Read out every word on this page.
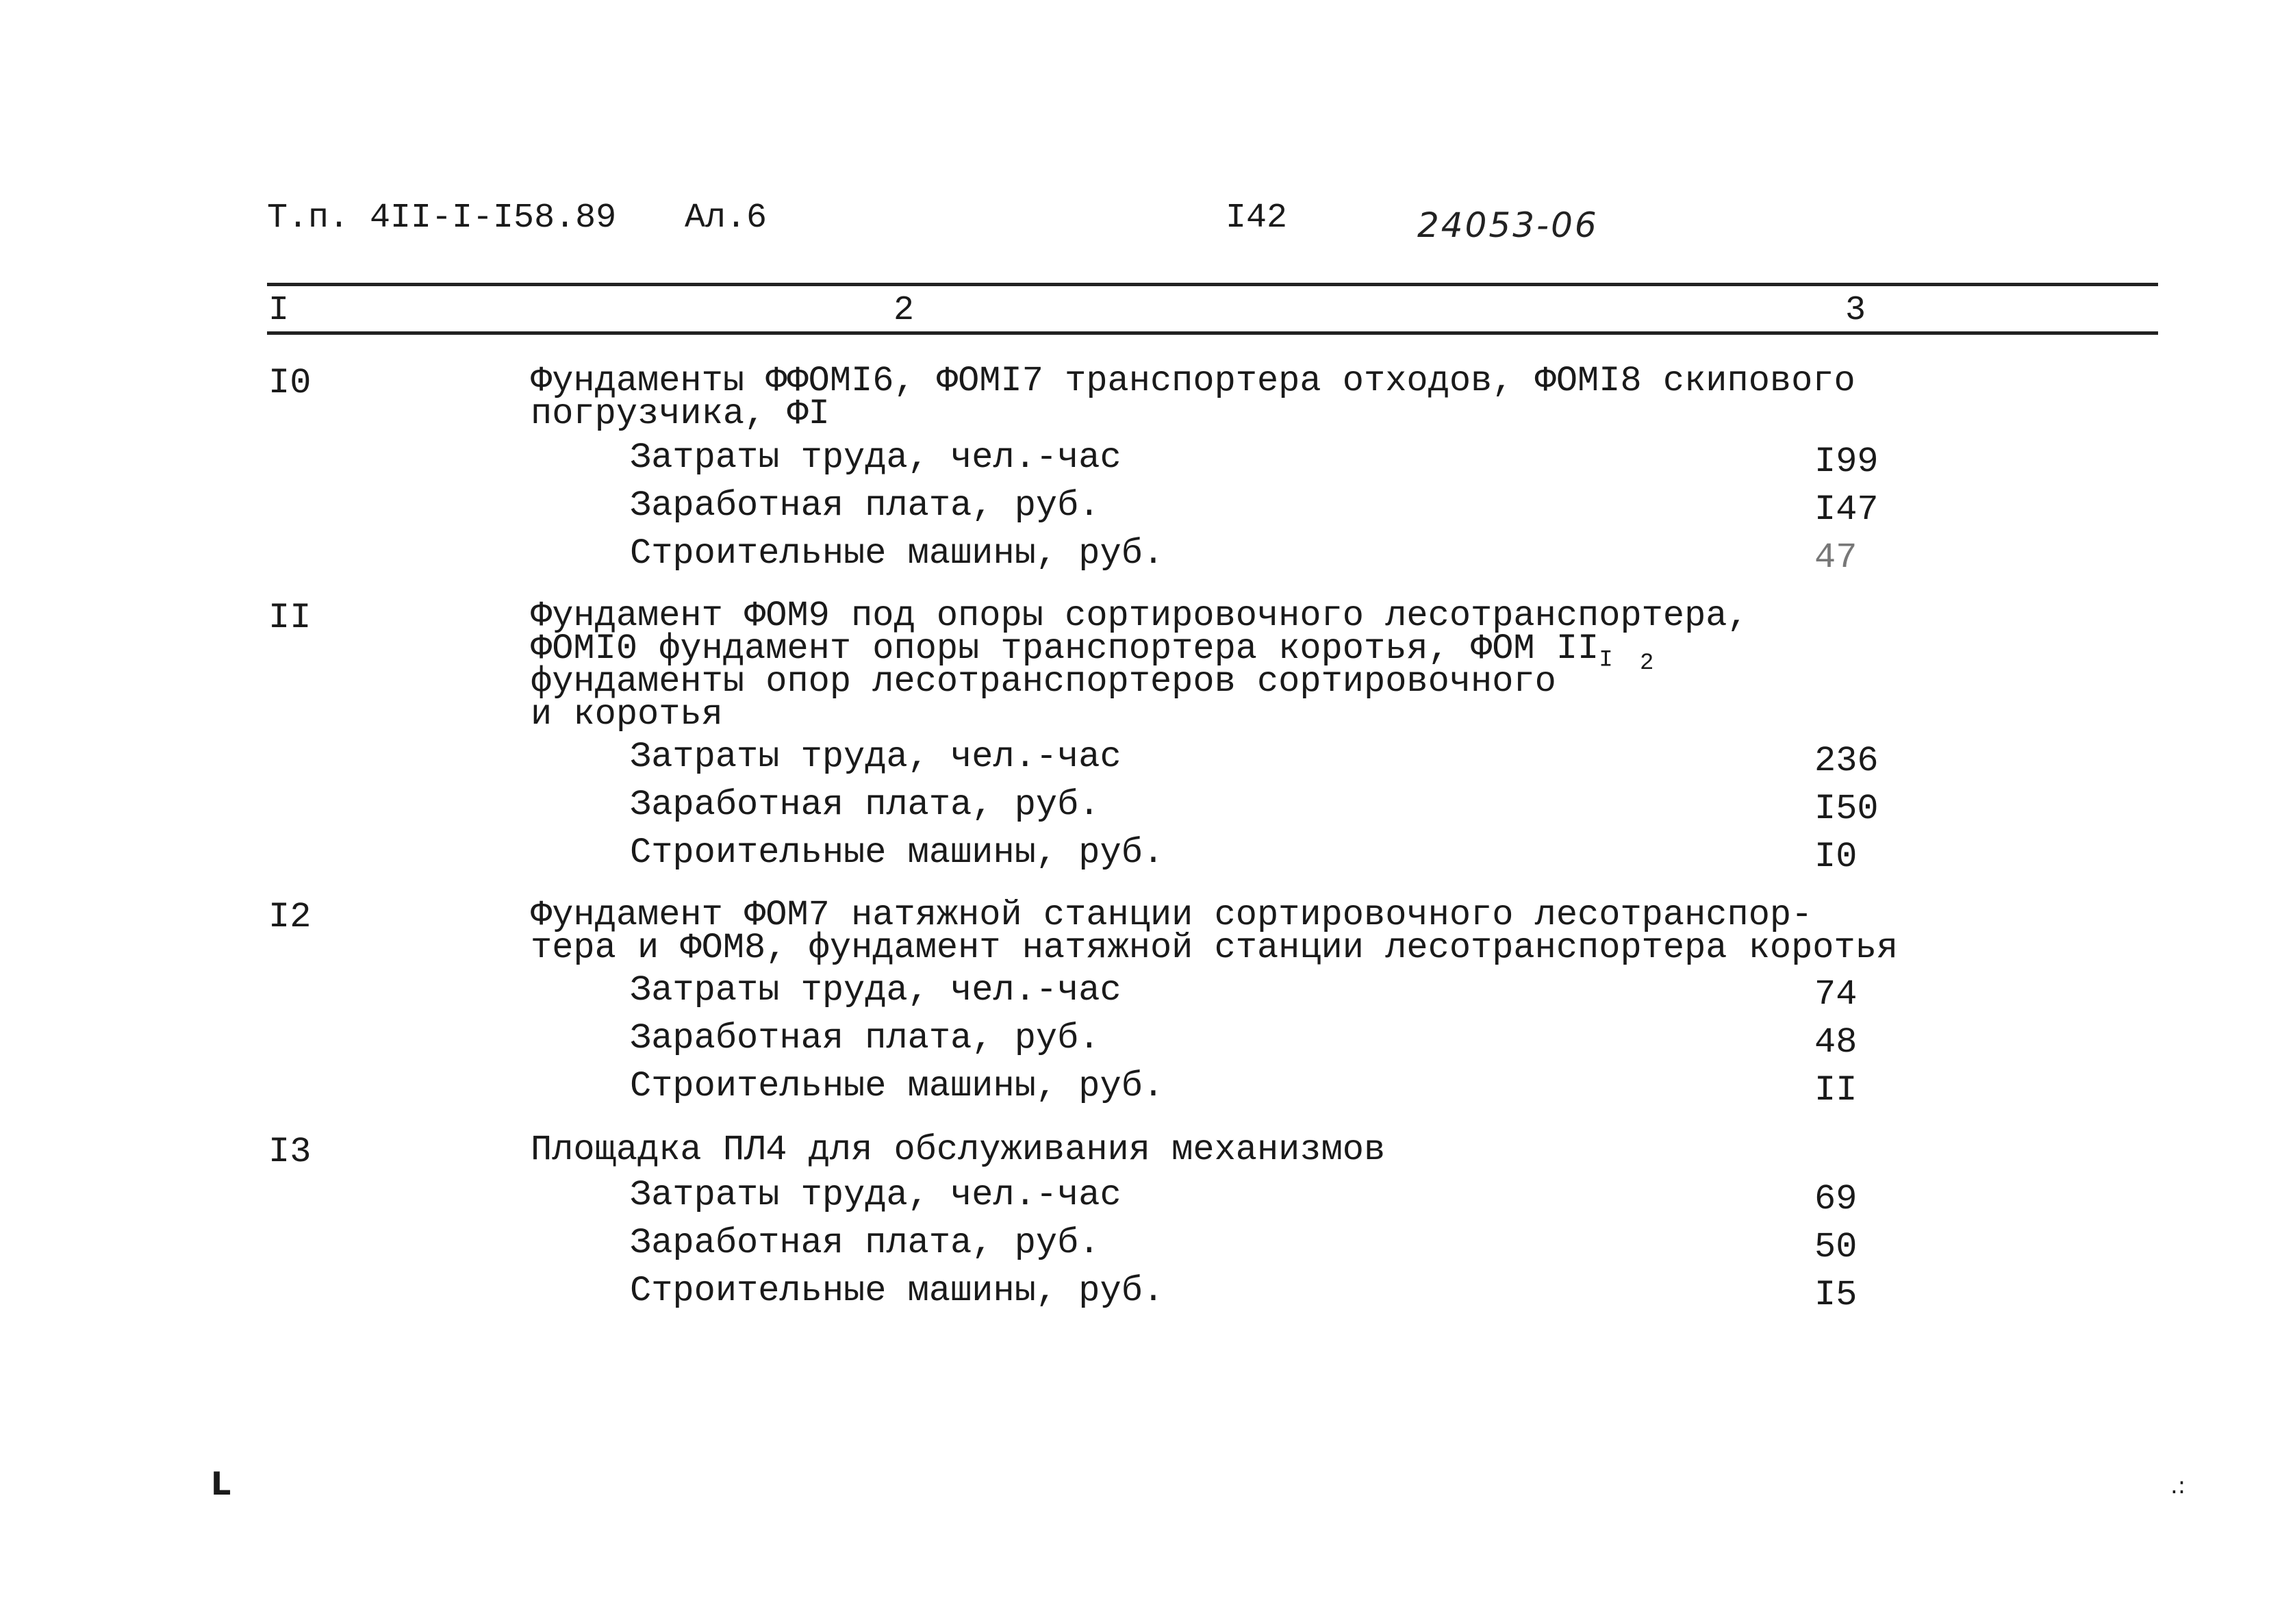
Т.п. 4II-I-I58.89 Ал.6	I42	24053-06
I	2	3
I0	Фундаменты ФФОМI6, ФОМI7 транспортера отходов, ФОМI8 скипового
погрузчика, ФI
Затраты труда, чел.-час	I99
Заработная плата, руб.	I47
Строительные машины, руб.	47
II	Фундамент ФОМ9 под опоры сортировочного лесотранспортера,
ФОМI0 фундамент опоры транспортера коротья, ФОМ $II_I$ 2
фундаменты опор лесотранспортеров сортировочного
и коротья
Затраты труда, чел.-час	236
Заработная плата, руб.	I50
Строительные машины, руб.	I0
I2	Фундамент ФОМ7 натяжной станции сортировочного лесотранспор-
тера и ФОМ8, фундамент натяжной станции лесотранспортера коротья
Затраты труда, чел.-час	74
Заработная плата, руб.	48
Строительные машины, руб.	II
I3	Площадка ПЛ4 для обслуживания механизмов
Затраты труда, чел.-час	69
Заработная плата, руб.	50
Строительные машины, руб.	I5
L	.:
